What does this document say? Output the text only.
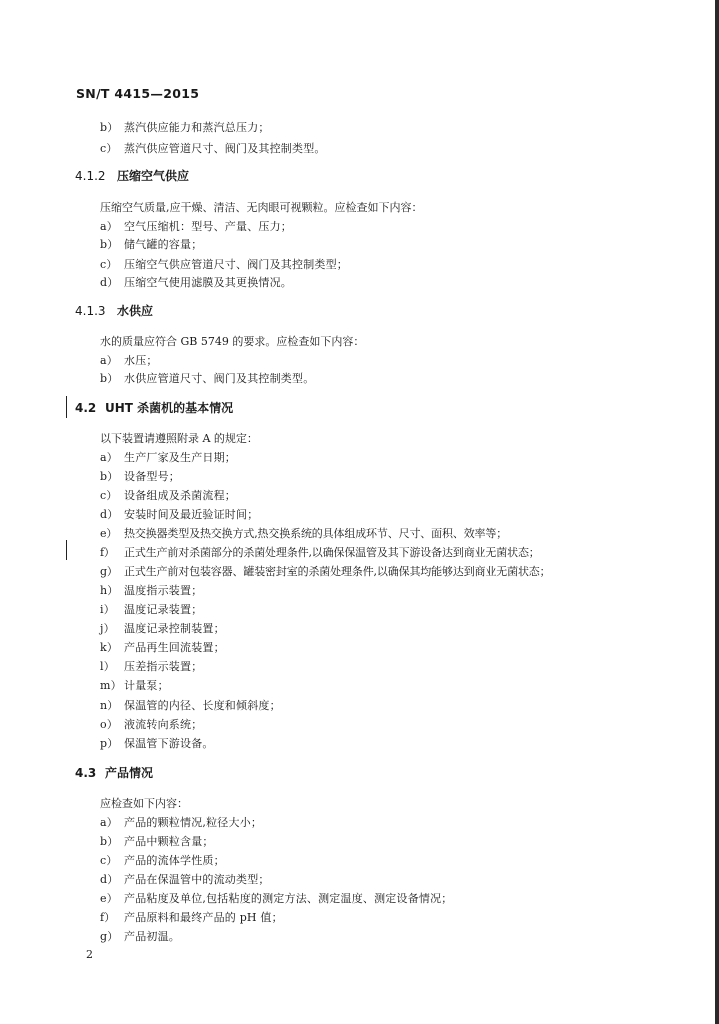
SN/T 4415—2015
b） 蒸汽供应能力和蒸汽总压力；
c） 蒸汽供应管道尺寸、阀门及其控制类型。
4.1.2 压缩空气供应
压缩空气质量,应干燥、清洁、无肉眼可视颗粒。应检查如下内容：
a） 空气压缩机：型号、产量、压力；
b） 储气罐的容量；
c） 压缩空气供应管道尺寸、阀门及其控制类型；
d） 压缩空气使用滤膜及其更换情况。
4.1.3 水供应
水的质量应符合 GB 5749 的要求。应检查如下内容：
a） 水压；
b） 水供应管道尺寸、阀门及其控制类型。
4.2 UHT 杀菌机的基本情况
以下装置请遵照附录 A 的规定：
a） 生产厂家及生产日期；
b） 设备型号；
c） 设备组成及杀菌流程；
d） 安装时间及最近验证时间；
e） 热交换器类型及热交换方式,热交换系统的具体组成环节、尺寸、面积、效率等；
f） 正式生产前对杀菌部分的杀菌处理条件,以确保保温管及其下游设备达到商业无菌状态；
g） 正式生产前对包装容器、罐装密封室的杀菌处理条件,以确保其均能够达到商业无菌状态；
h） 温度指示装置；
i） 温度记录装置；
j） 温度记录控制装置；
k） 产品再生回流装置；
l） 压差指示装置；
m） 计量泵；
n） 保温管的内径、长度和倾斜度；
o） 液流转向系统；
p） 保温管下游设备。
4.3 产品情况
应检查如下内容：
a） 产品的颗粒情况,粒径大小；
b） 产品中颗粒含量；
c） 产品的流体学性质；
d） 产品在保温管中的流动类型；
e） 产品粘度及单位,包括粘度的测定方法、测定温度、测定设备情况；
f） 产品原料和最终产品的 pH 值；
g） 产品初温。
2
